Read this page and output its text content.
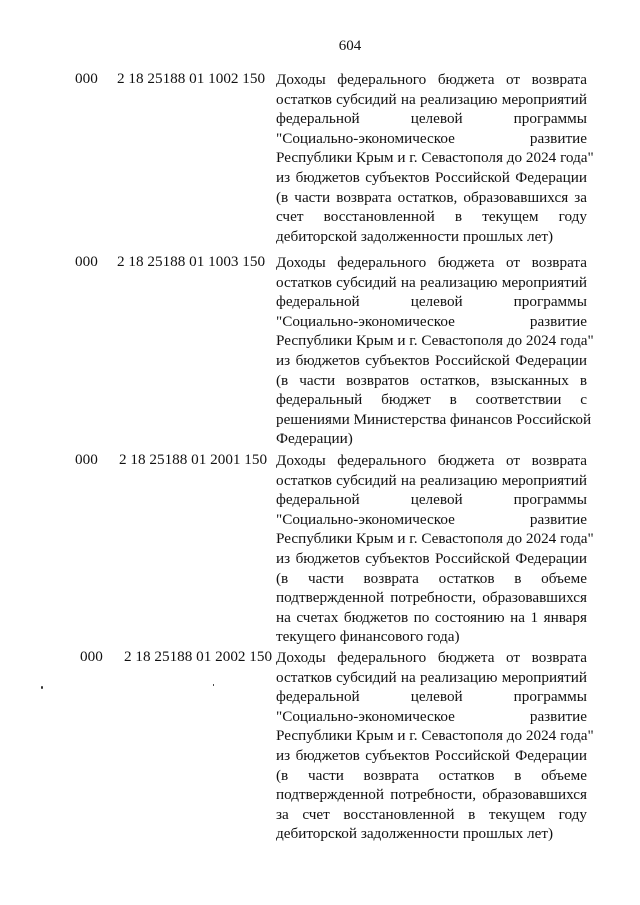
604
000 2 18 25188 01 1002 150 Доходы федерального бюджета от возврата
остатков субсидий на реализацию мероприятий
федеральной целевой программы
"Социально-экономическое развитие
Республики Крым и г. Севастополя до 2024 года"
из бюджетов субъектов Российской Федерации
(в части возврата остатков, образовавшихся за
счет восстановленной в текущем году
дебиторской задолженности прошлых лет)
000 2 18 25188 01 1003 150 Доходы федерального бюджета от возврата
остатков субсидий на реализацию мероприятий
федеральной целевой программы
"Социально-экономическое развитие
Республики Крым и г. Севастополя до 2024 года"
из бюджетов субъектов Российской Федерации
(в части возвратов остатков, взысканных в
федеральный бюджет в соответствии с
решениями Министерства финансов Российской
Федерации)
000 2 18 25188 01 2001 150 Доходы федерального бюджета от возврата
остатков субсидий на реализацию мероприятий
федеральной целевой программы
"Социально-экономическое развитие
Республики Крым и г. Севастополя до 2024 года"
из бюджетов субъектов Российской Федерации
(в части возврата остатков в объеме
подтвержденной потребности, образовавшихся
на счетах бюджетов по состоянию на 1 января
текущего финансового года)
000 2 18 25188 01 2002 150 Доходы федерального бюджета от возврата
остатков субсидий на реализацию мероприятий
федеральной целевой программы
"Социально-экономическое развитие
Республики Крым и г. Севастополя до 2024 года"
из бюджетов субъектов Российской Федерации
(в части возврата остатков в объеме
подтвержденной потребности, образовавшихся
за счет восстановленной в текущем году
дебиторской задолженности прошлых лет)
